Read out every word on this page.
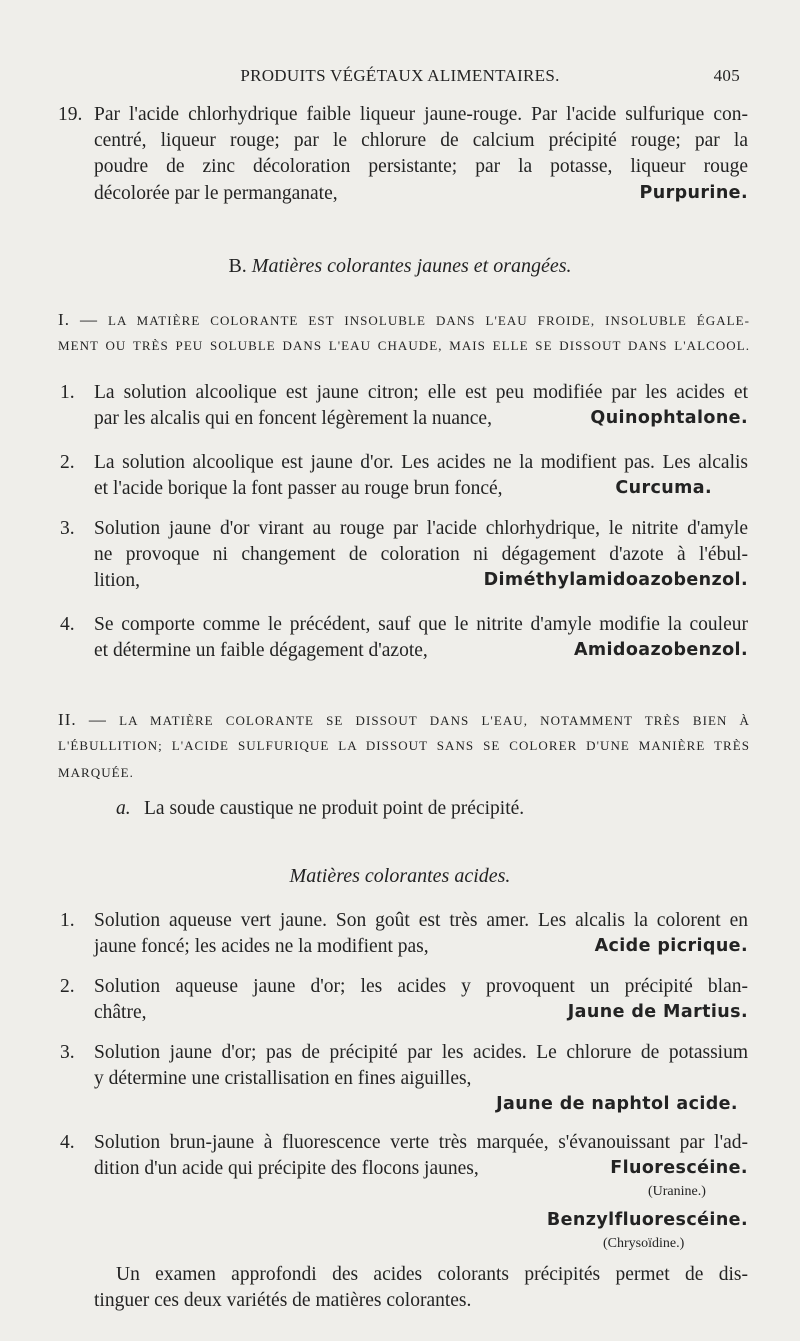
PRODUITS VÉGÉTAUX ALIMENTAIRES.	405
19. Par l'acide chlorhydrique faible liqueur jaune-rouge. Par l'acide sulfurique con-
centré, liqueur rouge; par le chlorure de calcium précipité rouge; par la
poudre de zinc décoloration persistante; par la potasse, liqueur rouge
décolorée par le permanganate,	Purpurine.
B. Matières colorantes jaunes et orangées.
I. — LA MATIÈRE COLORANTE EST INSOLUBLE DANS L'EAU FROIDE, INSOLUBLE ÉGALE-
MENT OU TRÈS PEU SOLUBLE DANS L'EAU CHAUDE, MAIS ELLE SE DISSOUT DANS L'ALCOOL.
1. La solution alcoolique est jaune citron; elle est peu modifiée par les acides et
par les alcalis qui en foncent légèrement la nuance,	Quinophtalone.
2. La solution alcoolique est jaune d'or. Les acides ne la modifient pas. Les alcalis
et l'acide borique la font passer au rouge brun foncé,	Curcuma.
3. Solution jaune d'or virant au rouge par l'acide chlorhydrique, le nitrite d'amyle
ne provoque ni changement de coloration ni dégagement d'azote à l'ébul-
lition,	Diméthylamidoazobenzol.
4. Se comporte comme le précédent, sauf que le nitrite d'amyle modifie la couleur
et détermine un faible dégagement d'azote,	Amidoazobenzol.
II. — LA MATIÈRE COLORANTE SE DISSOUT DANS L'EAU, NOTAMMENT TRÈS BIEN À
L'ÉBULLITION; L'ACIDE SULFURIQUE LA DISSOUT SANS SE COLORER D'UNE MANIÈRE TRÈS
MARQUÉE.
a. La soude caustique ne produit point de précipité.
Matières colorantes acides.
1. Solution aqueuse vert jaune. Son goût est très amer. Les alcalis la colorent en
jaune foncé; les acides ne la modifient pas,	Acide picrique.
2. Solution aqueuse jaune d'or; les acides y provoquent un précipité blan-
châtre,	Jaune de Martius.
3. Solution jaune d'or; pas de précipité par les acides. Le chlorure de potassium
y détermine une cristallisation en fines aiguilles,
Jaune de naphtol acide.
4. Solution brun-jaune à fluorescence verte très marquée, s'évanouissant par l'ad-
dition d'un acide qui précipite des flocons jaunes,	Fluorescéine.
(Uranine.)
Benzylfluorescéine.
(Chrysoïdine.)
Un examen approfondi des acides colorants précipités permet de dis-
tinguer ces deux variétés de matières colorantes.
